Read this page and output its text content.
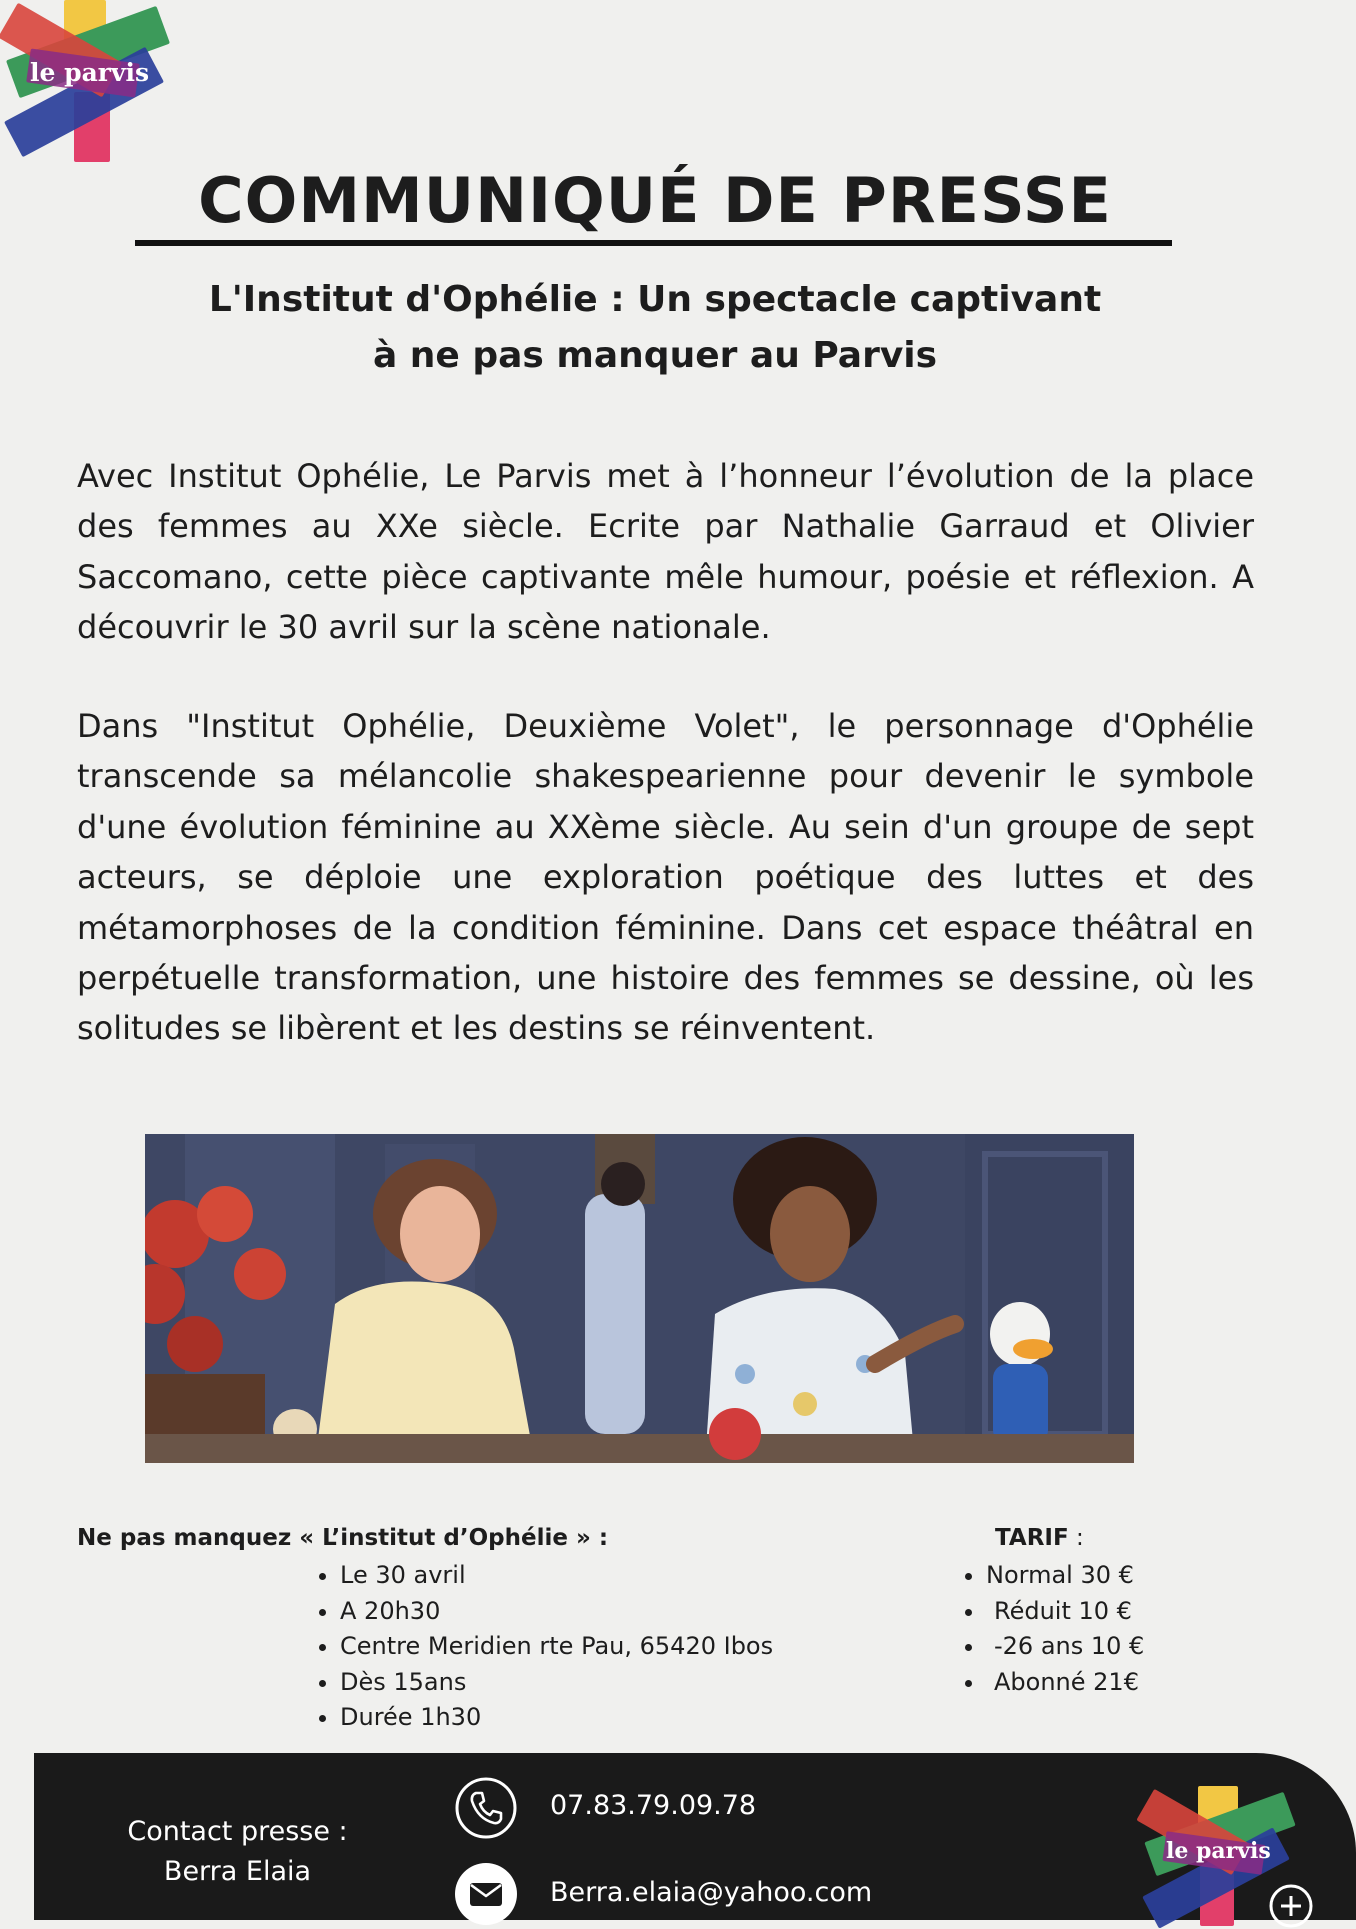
le parvis
COMMUNIQUÉ DE PRESSE
L'Institut d'Ophélie : Un spectacle captivant
à ne pas manquer au Parvis

Avec Institut Ophélie, Le Parvis met à l’honneur l’évolution de la place des femmes au XXe siècle. Ecrite par Nathalie Garraud et Olivier Saccomano, cette pièce captivante mêle humour, poésie et réflexion. A découvrir le 30 avril sur la scène nationale.

Dans "Institut Ophélie, Deuxième Volet", le personnage d'Ophélie transcende sa mélancolie shakespearienne pour devenir le symbole d'une évolution féminine au XXème siècle. Au sein d'un groupe de sept acteurs, se déploie une exploration poétique des luttes et des métamorphoses de la condition féminine. Dans cet espace théâtral en perpétuelle transformation, une histoire des femmes se dessine, où les solitudes se libèrent et les destins se réinventent.

Ne pas manquez « L’institut d’Ophélie » :
• Le 30 avril
• A 20h30
• Centre Meridien rte Pau, 65420 Ibos
• Dès 15ans
• Durée 1h30
TARIF :
• Normal 30 €
• Réduit 10 €
• -26 ans 10 €
• Abonné 21€
Contact presse :
Berra Elaia
07.83.79.09.78
Berra.elaia@yahoo.com
le parvis
